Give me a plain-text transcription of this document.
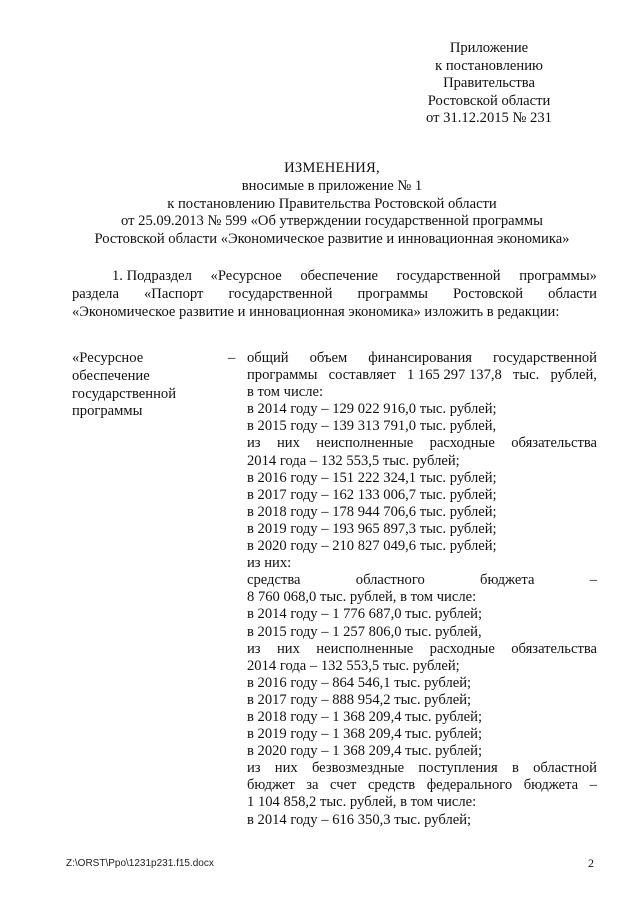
Приложение
к постановлению
Правительства
Ростовской области
от 31.12.2015 № 231
ИЗМЕНЕНИЯ,
вносимые в приложение № 1
к постановлению Правительства Ростовской области
от 25.09.2013 № 599 «Об утверждении государственной программы
Ростовской области «Экономическое развитие и инновационная экономика»
1. Подраздел «Ресурсное обеспечение государственной программы»
раздела «Паспорт государственной программы Ростовской области
«Экономическое развитие и инновационная экономика» изложить в редакции:
«Ресурсное
обеспечение
государственной
программы
– общий объем финансирования государственной
программы составляет 1 165 297 137,8 тыс. рублей,
в том числе:
в 2014 году – 129 022 916,0 тыс. рублей;
в 2015 году – 139 313 791,0 тыс. рублей,
из них неисполненные расходные обязательства
2014 года – 132 553,5 тыс. рублей;
в 2016 году – 151 222 324,1 тыс. рублей;
в 2017 году – 162 133 006,7 тыс. рублей;
в 2018 году – 178 944 706,6 тыс. рублей;
в 2019 году – 193 965 897,3 тыс. рублей;
в 2020 году – 210 827 049,6 тыс. рублей;
из них:
средства	областного	бюджета	–
8 760 068,0 тыс. рублей, в том числе:
в 2014 году – 1 776 687,0 тыс. рублей;
в 2015 году – 1 257 806,0 тыс. рублей,
из них неисполненные расходные обязательства
2014 года – 132 553,5 тыс. рублей;
в 2016 году – 864 546,1 тыс. рублей;
в 2017 году – 888 954,2 тыс. рублей;
в 2018 году – 1 368 209,4 тыс. рублей;
в 2019 году – 1 368 209,4 тыс. рублей;
в 2020 году – 1 368 209,4 тыс. рублей;
из них безвозмездные поступления в областной
бюджет за счет средств федерального бюджета –
1 104 858,2 тыс. рублей, в том числе:
в 2014 году – 616 350,3 тыс. рублей;
Z:\ORST\Ppo\1231p231.f15.docx	2
